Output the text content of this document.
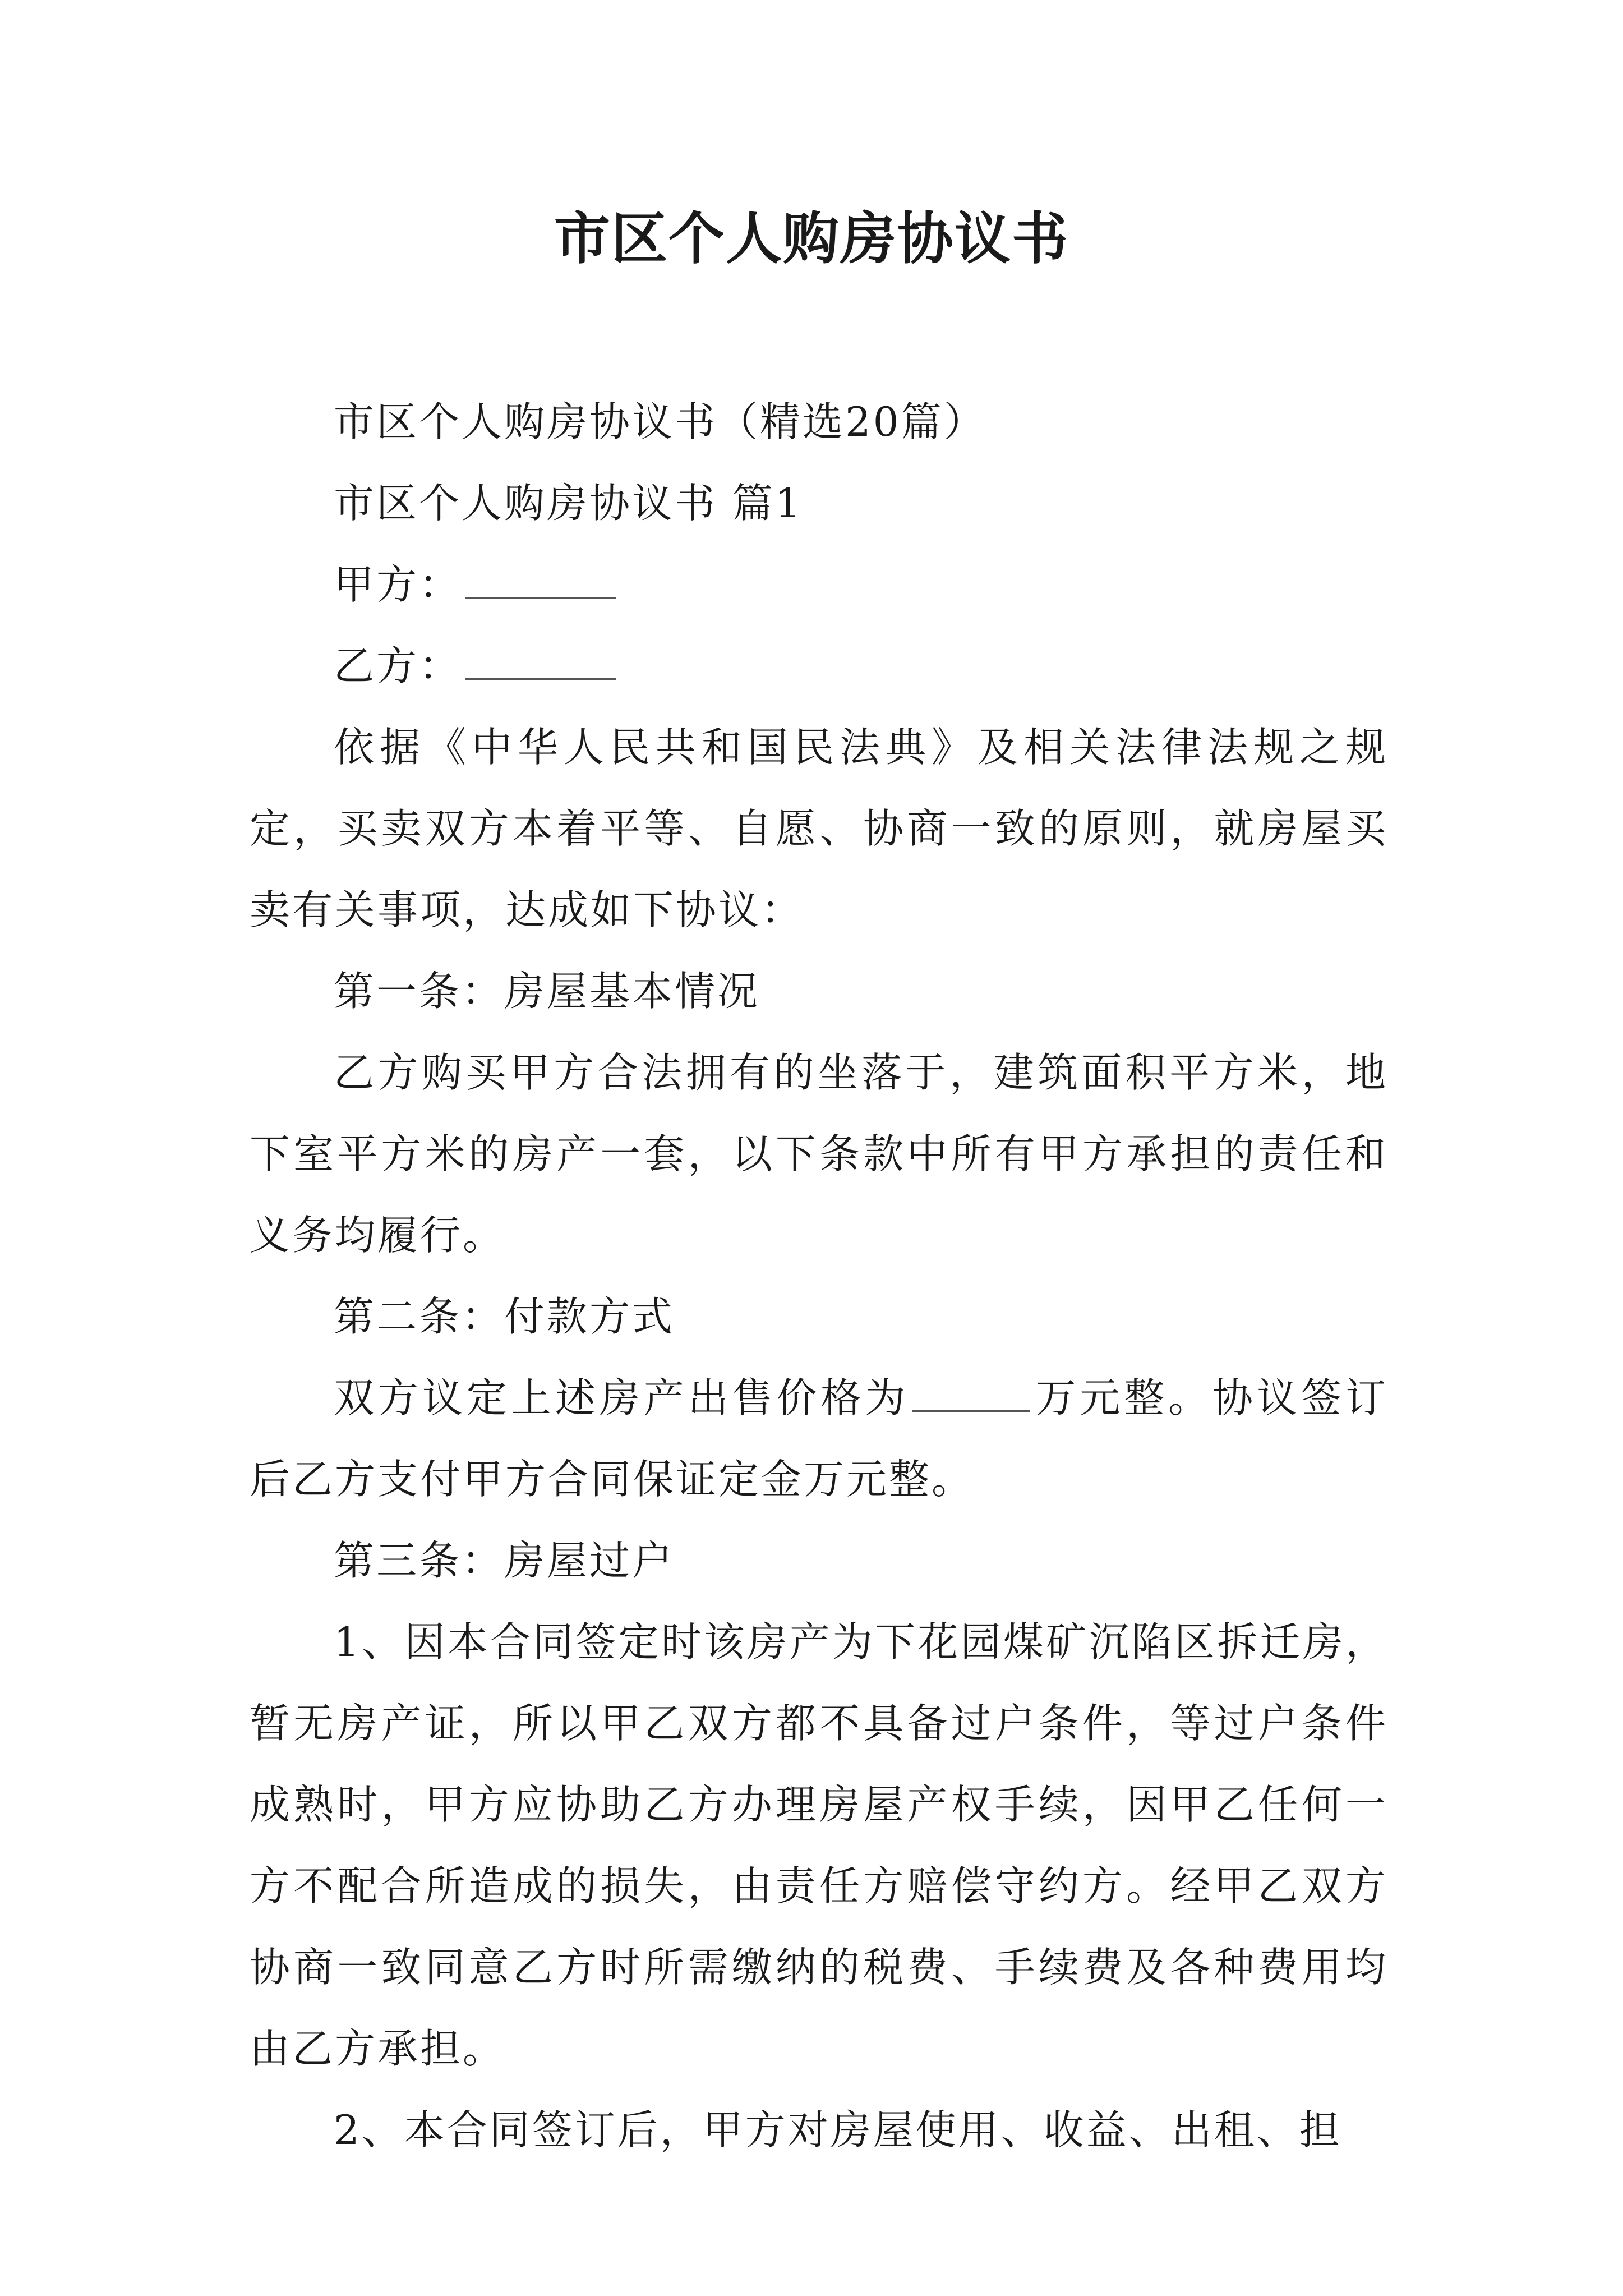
市区个人购房协议书

市区个人购房协议书（精选20篇）

市区个人购房协议书 篇1

甲方：

乙方：

依据《中华人民共和国民法典》及相关法律法规之规定，买卖双方本着平等、自愿、协商一致的原则，就房屋买卖有关事项，达成如下协议：

第一条：房屋基本情况

乙方购买甲方合法拥有的坐落于，建筑面积平方米，地下室平方米的房产一套，以下条款中所有甲方承担的责任和义务均履行。

第二条：付款方式

双方议定上述房产出售价格为	万元整。协议签订后乙方支付甲方合同保证定金万元整。

第三条：房屋过户

1、因本合同签定时该房产为下花园煤矿沉陷区拆迁房，暂无房产证，所以甲乙双方都不具备过户条件，等过户条件成熟时，甲方应协助乙方办理房屋产权手续，因甲乙任何一方不配合所造成的损失，由责任方赔偿守约方。经甲乙双方协商一致同意乙方时所需缴纳的税费、手续费及各种费用均由乙方承担。

2、本合同签订后，甲方对房屋使用、收益、出租、担
